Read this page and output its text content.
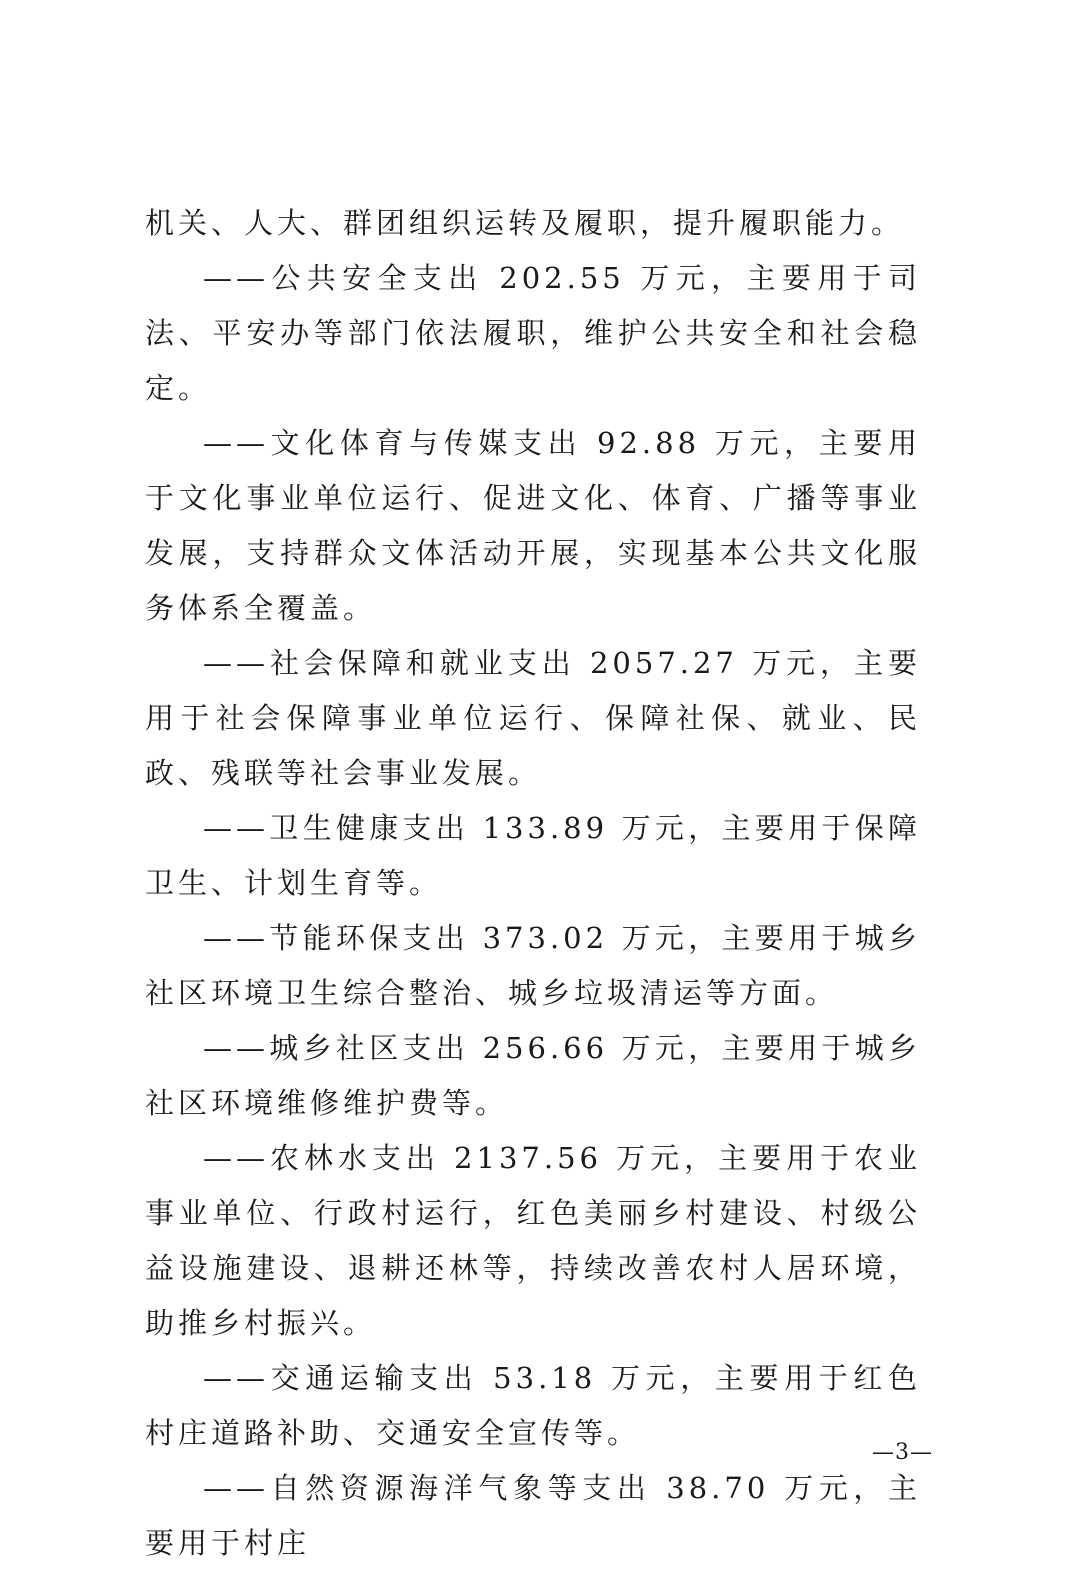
机关、人大、群团组织运转及履职，提升履职能力。

——公共安全支出 202.55 万元，主要用于司法、平安办等部门依法履职，维护公共安全和社会稳定。

——文化体育与传媒支出 92.88 万元，主要用于文化事业单位运行、促进文化、体育、广播等事业发展，支持群众文体活动开展，实现基本公共文化服务体系全覆盖。

——社会保障和就业支出 2057.27 万元，主要用于社会保障事业单位运行、保障社保、就业、民政、残联等社会事业发展。

——卫生健康支出 133.89 万元，主要用于保障卫生、计划生育等。

——节能环保支出 373.02 万元，主要用于城乡社区环境卫生综合整治、城乡垃圾清运等方面。

——城乡社区支出 256.66 万元，主要用于城乡社区环境维修维护费等。

——农林水支出 2137.56 万元，主要用于农业事业单位、行政村运行，红色美丽乡村建设、村级公益设施建设、退耕还林等，持续改善农村人居环境，助推乡村振兴。

——交通运输支出 53.18 万元，主要用于红色村庄道路补助、交通安全宣传等。

——自然资源海洋气象等支出 38.70 万元，主要用于村庄

—3—
